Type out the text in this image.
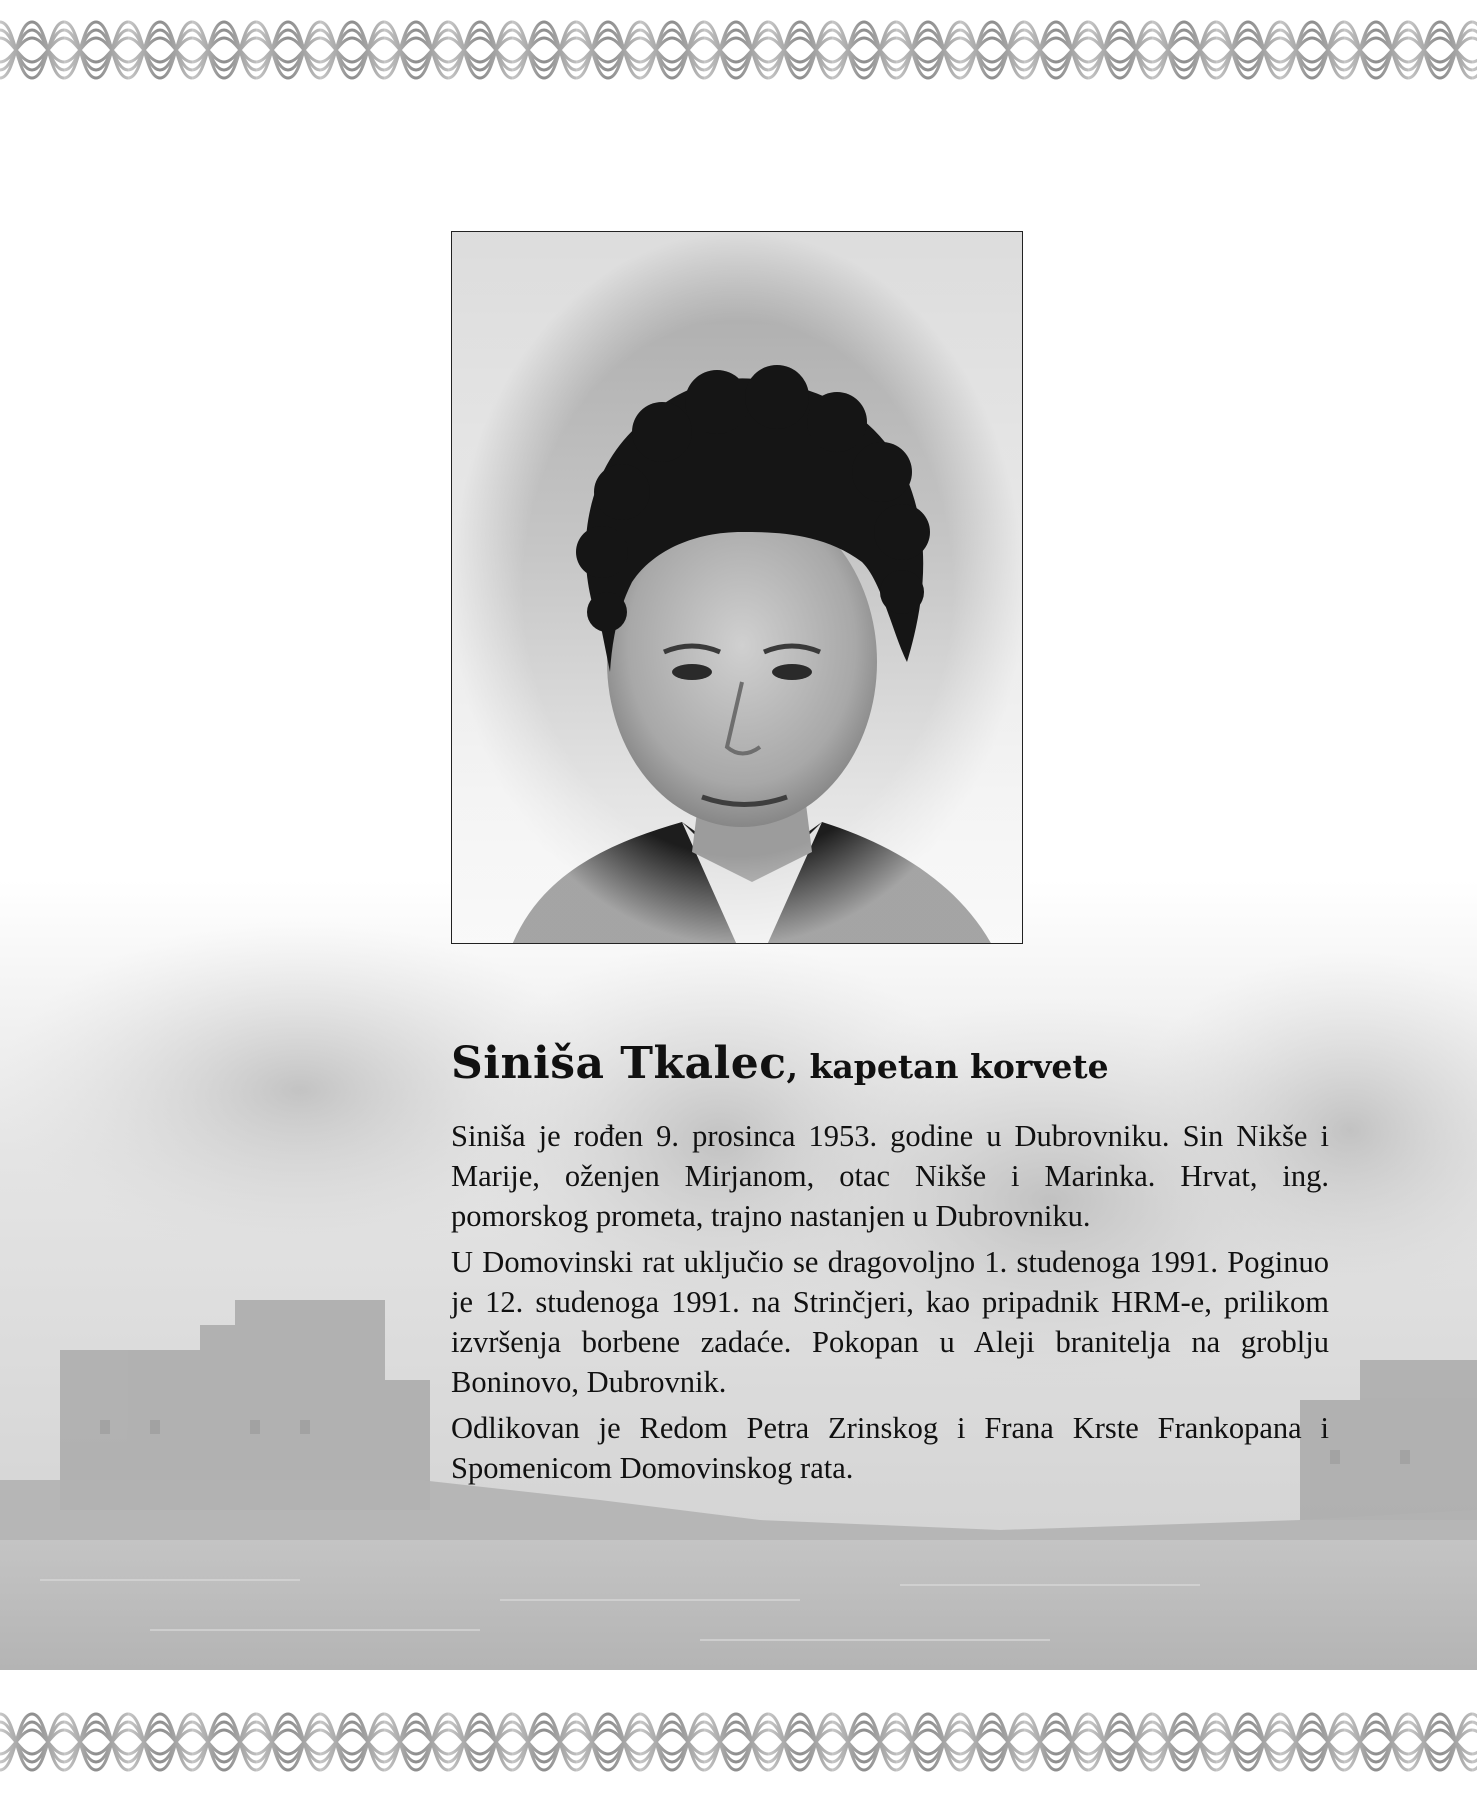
Siniša Tkalec, kapetan korvete

Siniša je rođen 9. prosinca 1953. godine u Dubrovniku. Sin Nikše i Marije, oženjen Mirjanom, otac Nikše i Marinka. Hrvat, ing. pomorskog prometa, trajno nastanjen u Dubrovniku.

U Domovinski rat uključio se dragovoljno 1. studenoga 1991. Poginuo je 12. studenoga 1991. na Strinčjeri, kao pripadnik HRM-e, prilikom izvršenja borbene zadaće. Pokopan u Aleji branitelja na groblju Boninovo, Dubrovnik.

Odlikovan je Redom Petra Zrinskog i Frana Krste Frankopana i Spomenicom Domovinskog rata.
